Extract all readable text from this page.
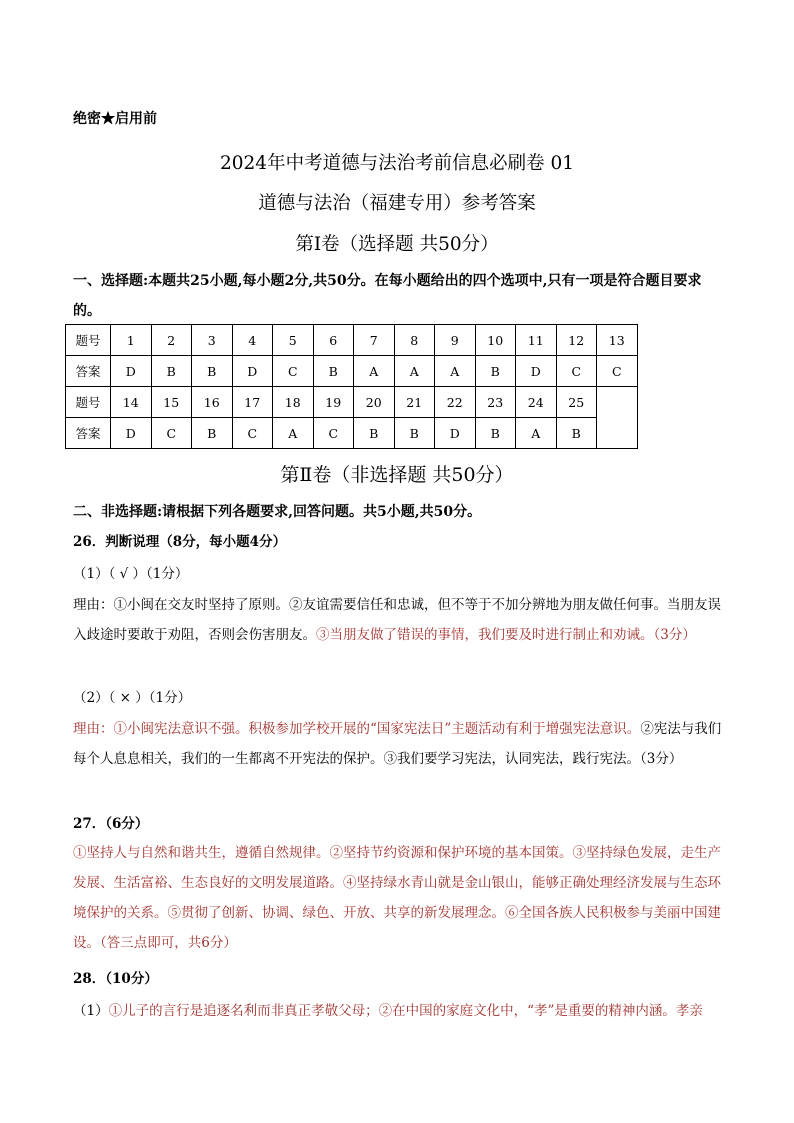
绝密★启用前
2024年中考道德与法治考前信息必刷卷 01
道德与法治（福建专用）参考答案
第Ⅰ卷（选择题 共50分）
一、选择题:本题共25小题,每小题2分,共50分。在每小题给出的四个选项中,只有一项是符合题目要求的。
题号	1	2	3	4	5	6	7	8	9	10	11	12	13
答案	D	B	B	D	C	B	A	A	A	B	D	C	C
题号	14	15	16	17	18	19	20	21	22	23	24	25	
答案	D	C	B	C	A	C	B	B	D	B	A	B	
第Ⅱ卷（非选择题 共50分）
二、非选择题:请根据下列各题要求,回答问题。共5小题,共50分。
26．判断说理（8分，每小题4分）
（1）（ √ ）（1分）
理由：①小闽在交友时坚持了原则。②友谊需要信任和忠诚，但不等于不加分辨地为朋友做任何事。当朋友误入歧途时要敢于劝阻，否则会伤害朋友。③当朋友做了错误的事情，我们要及时进行制止和劝诫。（3分）
（2）（ × ）（1分）
理由：①小闽宪法意识不强。积极参加学校开展的“国家宪法日”主题活动有利于增强宪法意识。②宪法与我们每个人息息相关，我们的一生都离不开宪法的保护。③我们要学习宪法，认同宪法，践行宪法。（3分）
27．（6分）
①坚持人与自然和谐共生，遵循自然规律。②坚持节约资源和保护环境的基本国策。③坚持绿色发展，走生产发展、生活富裕、生态良好的文明发展道路。④坚持绿水青山就是金山银山，能够正确处理经济发展与生态环境保护的关系。⑤贯彻了创新、协调、绿色、开放、共享的新发展理念。⑥全国各族人民积极参与美丽中国建设。（答三点即可，共6分）
28．（10分）
（1）①儿子的言行是追逐名利而非真正孝敬父母；②在中国的家庭文化中，“孝”是重要的精神内涵。孝亲
